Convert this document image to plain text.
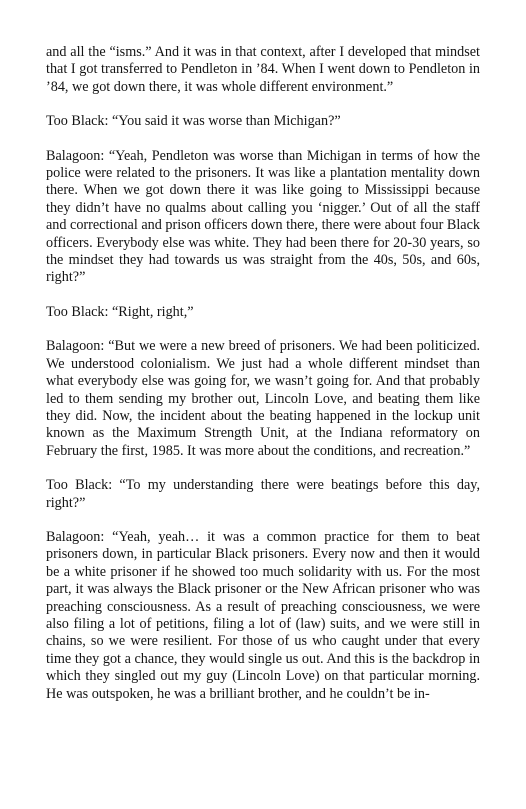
and all the “isms.” And it was in that context, after I developed that mindset that I got transferred to Pendleton in ’84. When I went down to Pendleton in ’84, we got down there, it was whole different environment.”

Too Black: “You said it was worse than Michigan?”

Balagoon: “Yeah, Pendleton was worse than Michigan in terms of how the police were related to the prisoners. It was like a plantation mentality down there. When we got down there it was like going to Mississippi because they didn’t have no qualms about calling you ‘nigger.’ Out of all the staff and correctional and prison officers down there, there were about four Black officers. Everybody else was white. They had been there for 20-30 years, so the mindset they had towards us was straight from the 40s, 50s, and 60s, right?”

Too Black: “Right, right,”

Balagoon: “But we were a new breed of prisoners. We had been politicized. We understood colonialism. We just had a whole different mindset than what everybody else was going for, we wasn’t going for. And that probably led to them sending my brother out, Lincoln Love, and beating them like they did. Now, the incident about the beating happened in the lockup unit known as the Maximum Strength Unit, at the Indiana reformatory on February the first, 1985. It was more about the conditions, and recreation.”

Too Black: “To my understanding there were beatings before this day, right?”

Balagoon: “Yeah, yeah… it was a common practice for them to beat prisoners down, in particular Black prisoners. Every now and then it would be a white prisoner if he showed too much solidarity with us. For the most part, it was always the Black prisoner or the New African prisoner who was preaching consciousness. As a result of preaching consciousness, we were also filing a lot of petitions, filing a lot of (law) suits, and we were still in chains, so we were resilient. For those of us who caught under that every time they got a chance, they would single us out. And this is the backdrop in which they singled out my guy (Lincoln Love) on that particular morning. He was outspoken, he was a brilliant brother, and he couldn’t be in-
